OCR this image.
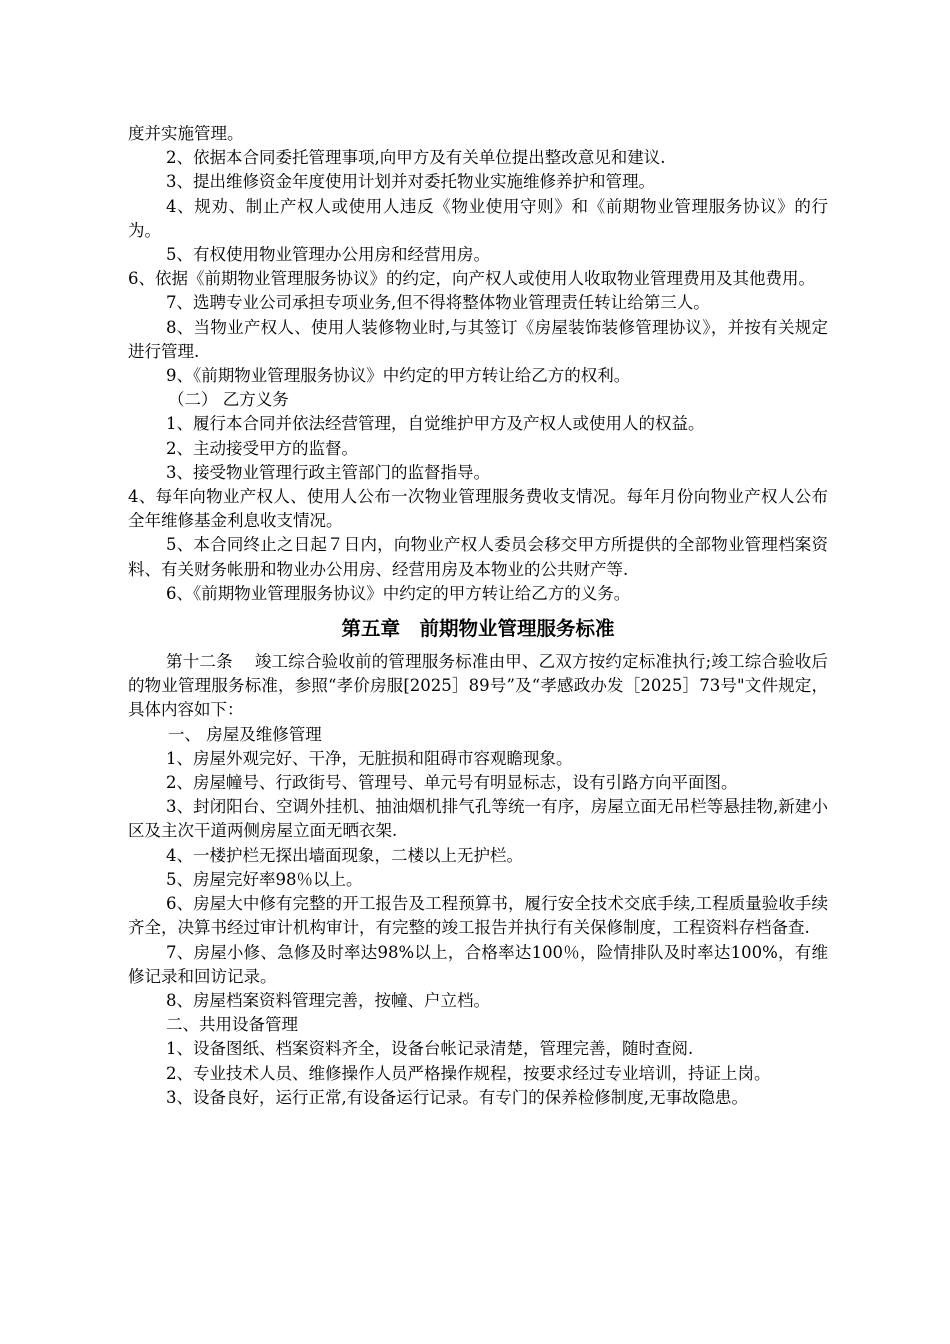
度并实施管理。

2、依据本合同委托管理事项,向甲方及有关单位提出整改意见和建议.

3、提出维修资金年度使用计划并对委托物业实施维修养护和管理。

4、规劝、制止产权人或使用人违反《物业使用守则》和《前期物业管理服务协议》的行为。

5、有权使用物业管理办公用房和经营用房。

6、依据《前期物业管理服务协议》的约定，向产权人或使用人收取物业管理费用及其他费用。

7、选聘专业公司承担专项业务,但不得将整体物业管理责任转让给第三人。

8、当物业产权人、使用人装修物业时,与其签订《房屋装饰装修管理协议》，并按有关规定进行管理.

9、《前期物业管理服务协议》中约定的甲方转让给乙方的权利。

（二） 乙方义务

1、履行本合同并依法经营管理，自觉维护甲方及产权人或使用人的权益。

2、主动接受甲方的监督。

3、接受物业管理行政主管部门的监督指导。

4、每年向物业产权人、使用人公布一次物业管理服务费收支情况。每年月份向物业产权人公布全年维修基金利息收支情况。

5、本合同终止之日起７日内，向物业产权人委员会移交甲方所提供的全部物业管理档案资料、有关财务帐册和物业办公用房、经营用房及本物业的公共财产等.

6、《前期物业管理服务协议》中约定的甲方转让给乙方的义务。

第五章　前期物业管理服务标准

第十二条　 竣工综合验收前的管理服务标准由甲、乙双方按约定标准执行;竣工综合验收后的物业管理服务标准，参照“孝价房服[2025］89号”及“孝感政办发［2025］73号"文件规定，具体内容如下：

一、 房屋及维修管理

1、房屋外观完好、干净，无脏损和阻碍市容观瞻现象。

2、房屋幢号、行政街号、管理号、单元号有明显标志，设有引路方向平面图。

3、封闭阳台、空调外挂机、抽油烟机排气孔等统一有序，房屋立面无吊栏等悬挂物,新建小区及主次干道两侧房屋立面无晒衣架.

4、一楼护栏无探出墙面现象，二楼以上无护栏。

5、房屋完好率98％以上。

6、房屋大中修有完整的开工报告及工程预算书，履行安全技术交底手续,工程质量验收手续齐全，决算书经过审计机构审计，有完整的竣工报告并执行有关保修制度，工程资料存档备查.

7、房屋小修、急修及时率达98%以上，合格率达100％，险情排队及时率达100%，有维修记录和回访记录。

8、房屋档案资料管理完善，按幢、户立档。

二、共用设备管理

1、设备图纸、档案资料齐全，设备台帐记录清楚，管理完善，随时查阅.

2、专业技术人员、维修操作人员严格操作规程，按要求经过专业培训，持证上岗。

3、设备良好，运行正常,有设备运行记录。有专门的保养检修制度,无事故隐患。
